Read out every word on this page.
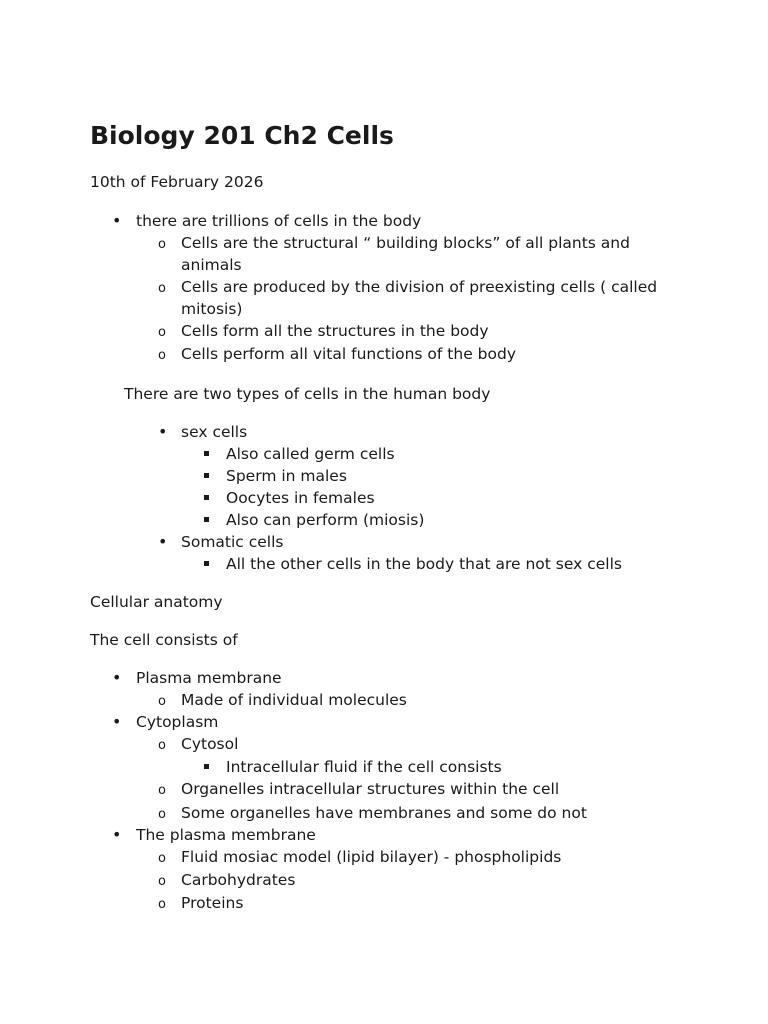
Biology 201 Ch2 Cells
10th of February 2026
•
there are trillions of cells in the body
o
Cells are the structural “ building blocks” of all plants and
animals
o
Cells are produced by the division of preexisting cells ( called
mitosis)
o
Cells form all the structures in the body
o
Cells perform all vital functions of the body
There are two types of cells in the human body
•
sex cells
Also called germ cells
Sperm in males
Oocytes in females
Also can perform (miosis)
•
Somatic cells
All the other cells in the body that are not sex cells
Cellular anatomy
The cell consists of
•
Plasma membrane
o
Made of individual molecules
•
Cytoplasm
o
Cytosol
Intracellular fluid if the cell consists
o
Organelles intracellular structures within the cell
o
Some organelles have membranes and some do not
•
The plasma membrane
o
Fluid mosiac model (lipid bilayer) - phospholipids
o
Carbohydrates
o
Proteins
